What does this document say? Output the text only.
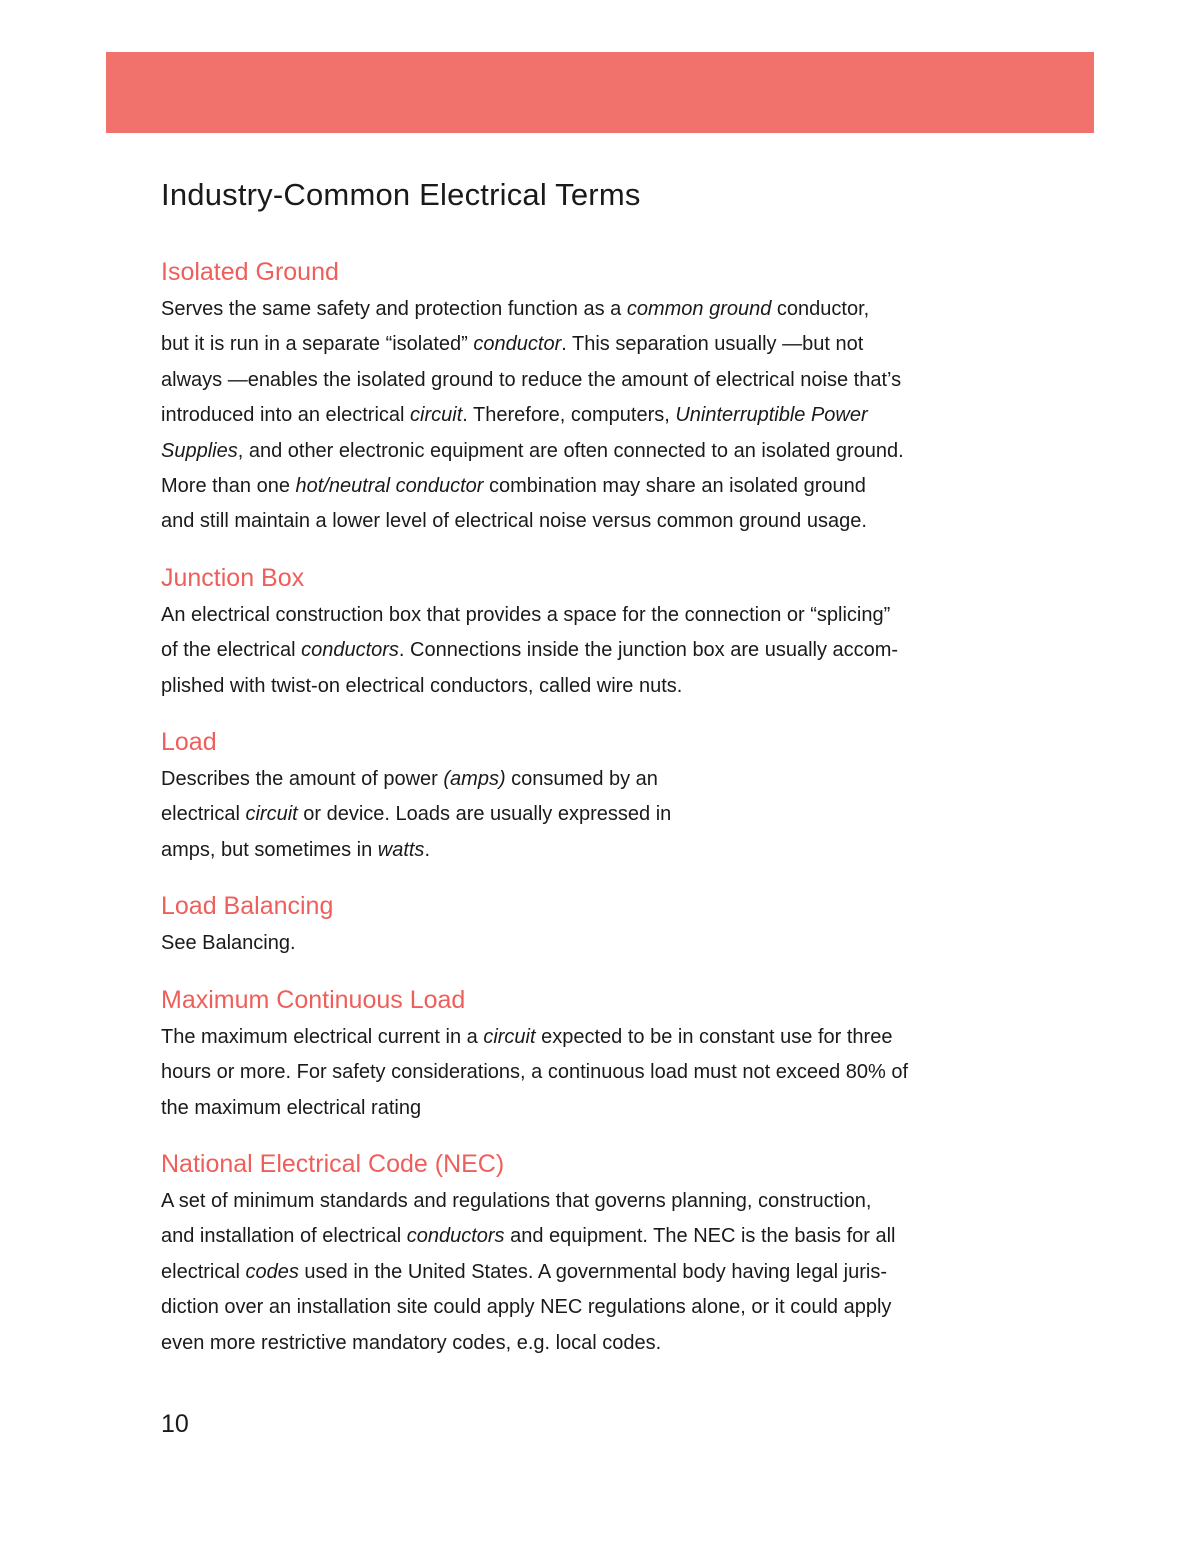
Industry-Common Electrical Terms
Isolated Ground

Serves the same safety and protection function as a common ground conductor,
but it is run in a separate “isolated” conductor. This separation usually —but not
always —enables the isolated ground to reduce the amount of electrical noise that’s
introduced into an electrical circuit. Therefore, computers, Uninterruptible Power
Supplies, and other electronic equipment are often connected to an isolated ground.
More than one hot/neutral conductor combination may share an isolated ground
and still maintain a lower level of electrical noise versus common ground usage.

Junction Box

An electrical construction box that provides a space for the connection or “splicing”
of the electrical conductors. Connections inside the junction box are usually accom-
plished with twist-on electrical conductors, called wire nuts.

Load

Describes the amount of power (amps) consumed by an
electrical circuit or device. Loads are usually expressed in
amps, but sometimes in watts.

Load Balancing

See Balancing.

Maximum Continuous Load

The maximum electrical current in a circuit expected to be in constant use for three
hours or more. For safety considerations, a continuous load must not exceed 80% of
the maximum electrical rating

National Electrical Code (NEC)

A set of minimum standards and regulations that governs planning, construction,
and installation of electrical conductors and equipment. The NEC is the basis for all
electrical codes used in the United States. A governmental body having legal juris-
diction over an installation site could apply NEC regulations alone, or it could apply
even more restrictive mandatory codes, e.g. local codes.

10
